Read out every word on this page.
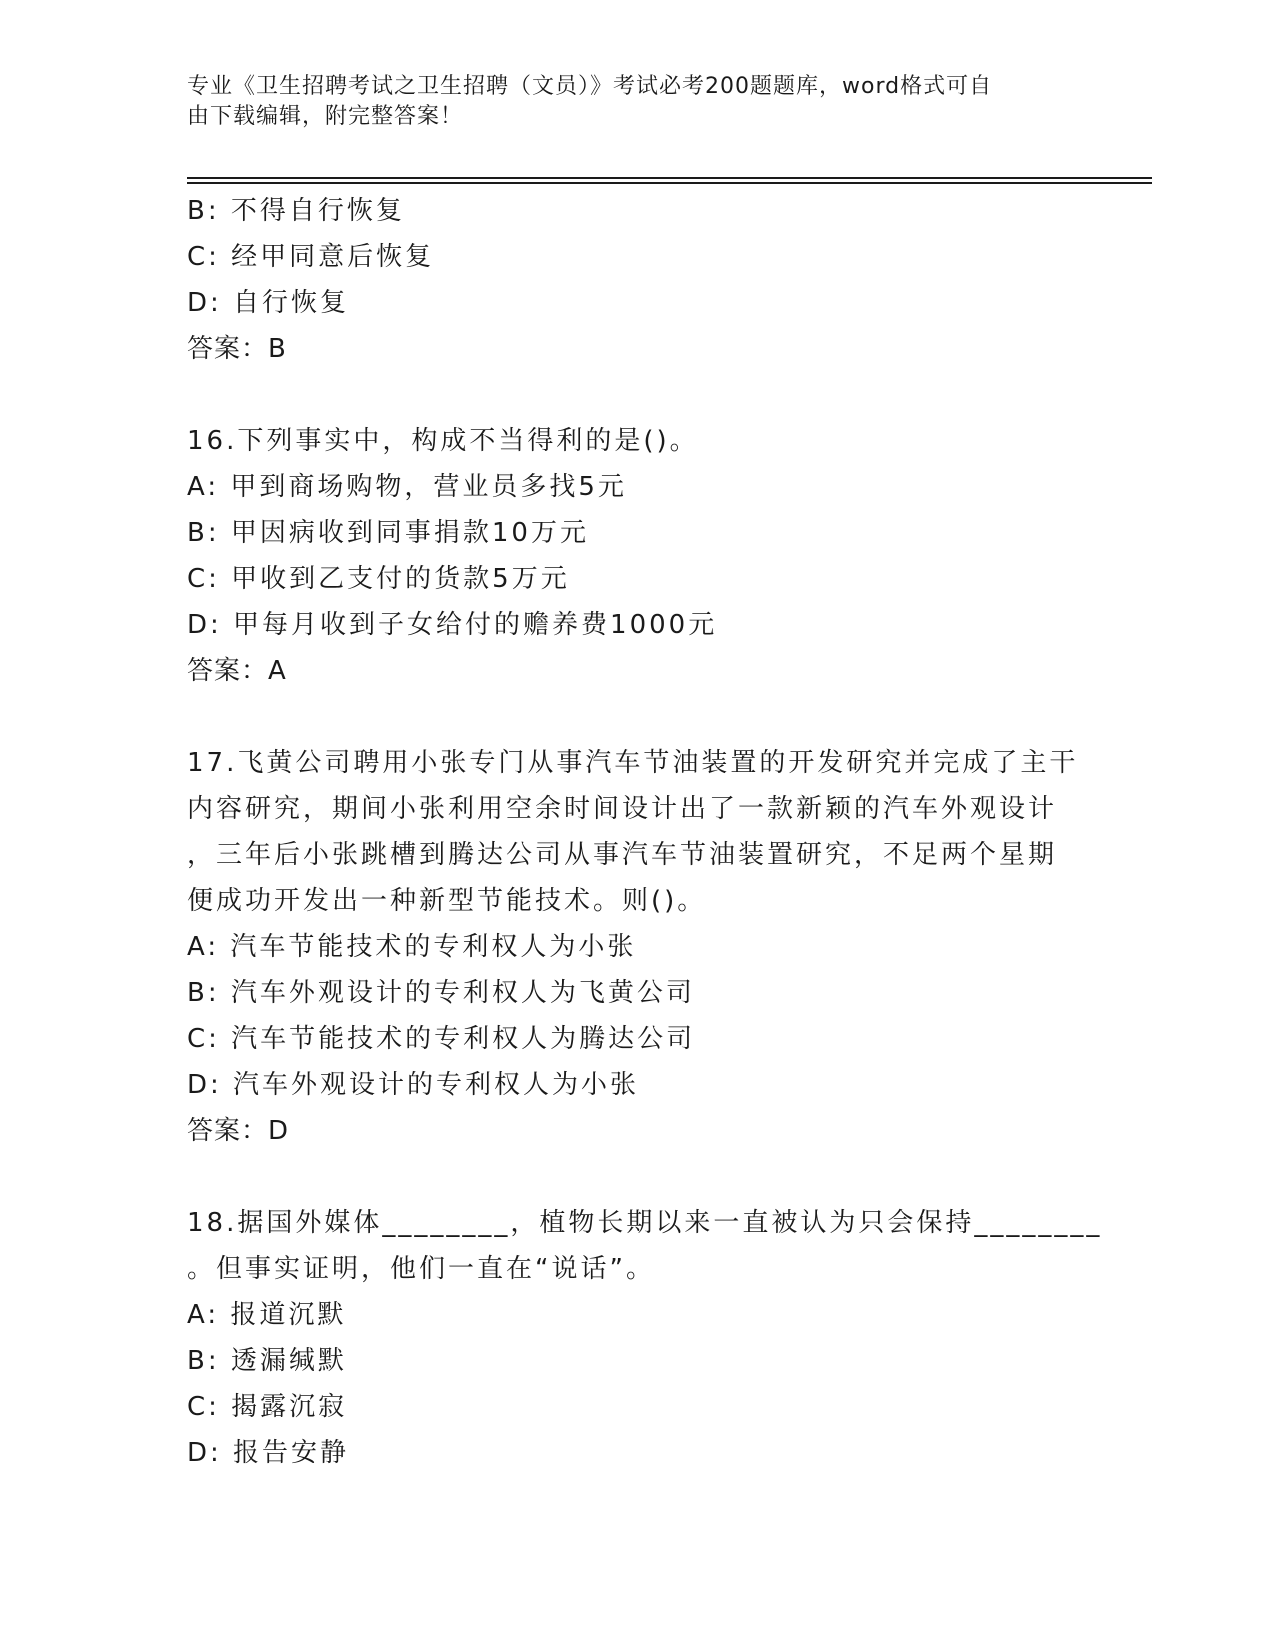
专业《卫生招聘考试之卫生招聘（文员）》考试必考200题题库，word格式可自
由下载编辑，附完整答案！
B: 不得自行恢复
C: 经甲同意后恢复
D: 自行恢复
答案：B
16.下列事实中，构成不当得利的是()。
A: 甲到商场购物，营业员多找5元
B: 甲因病收到同事捐款10万元
C: 甲收到乙支付的货款5万元
D: 甲每月收到子女给付的赡养费1000元
答案：A
17.飞黄公司聘用小张专门从事汽车节油装置的开发研究并完成了主干
内容研究，期间小张利用空余时间设计出了一款新颖的汽车外观设计
，三年后小张跳槽到腾达公司从事汽车节油装置研究，不足两个星期
便成功开发出一种新型节能技术。则()。
A: 汽车节能技术的专利权人为小张
B: 汽车外观设计的专利权人为飞黄公司
C: 汽车节能技术的专利权人为腾达公司
D: 汽车外观设计的专利权人为小张
答案：D
18.据国外媒体________，植物长期以来一直被认为只会保持________
。但事实证明，他们一直在“说话”。
A: 报道沉默
B: 透漏缄默
C: 揭露沉寂
D: 报告安静
